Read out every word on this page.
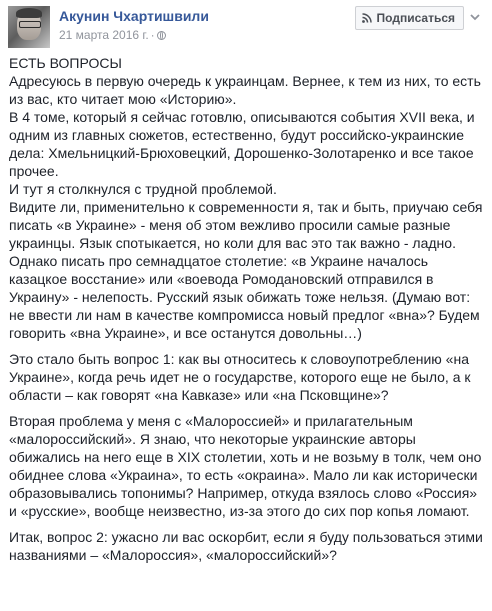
Акунин Чхартишвили
21 марта 2016 г. ·
Подписаться

ЕСТЬ ВОПРОСЫ
Адресуюсь в первую очередь к украинцам. Вернее, к тем из них, то есть из вас, кто читает мою «Историю».
В 4 томе, который я сейчас готовлю, описываются события XVII века, и одним из главных сюжетов, естественно, будут российско-украинские дела: Хмельницкий-Брюховецкий, Дорошенко-Золотаренко и все такое прочее.
И тут я столкнулся с трудной проблемой.
Видите ли, применительно к современности я, так и быть, приучаю себя писать «в Украине» - меня об этом вежливо просили самые разные украинцы. Язык спотыкается, но коли для вас это так важно - ладно. Однако писать про семнадцатое столетие: «в Украине началось казацкое восстание» или «воевода Ромодановский отправился в Украину» - нелепость. Русский язык обижать тоже нельзя. (Думаю вот: не ввести ли нам в качестве компромисса новый предлог «вна»? Будем говорить «вна Украине», и все останутся довольны…)

Это стало быть вопрос 1: как вы относитесь к словоупотреблению «на Украине», когда речь идет не о государстве, которого еще не было, а к области – как говорят «на Кавказе» или «на Псковщине»?

Вторая проблема у меня с «Малороссией» и прилагательным «малороссийский». Я знаю, что некоторые украинские авторы обижались на него еще в XIX столетии, хоть и не возьму в толк, чем оно обиднее слова «Украина», то есть «окраина». Мало ли как исторически образовывались топонимы? Например, откуда взялось слово «Россия» и «русские», вообще неизвестно, из-за этого до сих пор копья ломают.

Итак, вопрос 2: ужасно ли вас оскорбит, если я буду пользоваться этими названиями – «Малороссия», «малороссийский»?
